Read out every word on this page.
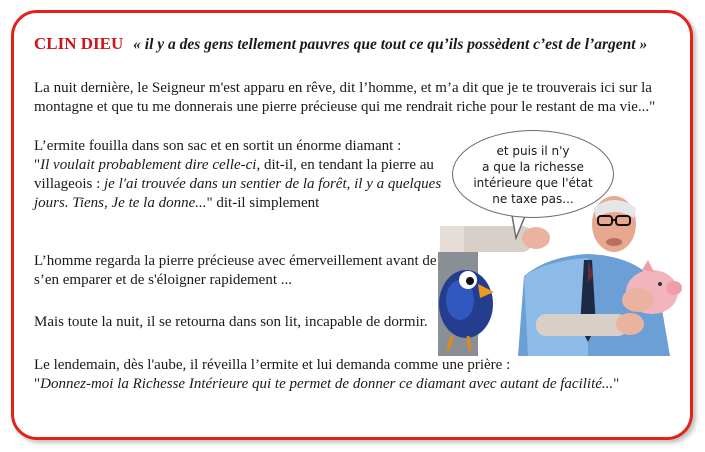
CLIN DIEU « il y a des gens tellement pauvres que tout ce qu’ils possèdent c’est de l’argent »
La nuit dernière, le Seigneur m'est apparu en rêve, dit l’homme, et m’a dit que je te trouverais ici sur la montagne et que tu me donnerais une pierre précieuse qui me rendrait riche pour le restant de ma vie..."
L’ermite fouilla dans son sac et en sortit un énorme diamant :
"Il voulait probablement dire celle-ci, dit-il, en tendant la pierre au villageois : je l'ai trouvée dans un sentier de la forêt, il y a quelques jours. Tiens, Je te la donne..." dit-il simplement
L’homme regarda la pierre précieuse avec émerveillement avant de s’en emparer et de s'éloigner rapidement ...
Mais toute la nuit, il se retourna dans son lit, incapable de dormir.
Le lendemain, dès l'aube, il réveilla l’ermite et lui demanda comme une prière :
"Donnez-moi la Richesse Intérieure qui te permet de donner ce diamant avec autant de facilité..."
et puis il n'y
a que la richesse
intérieure que l'état
ne taxe pas...
